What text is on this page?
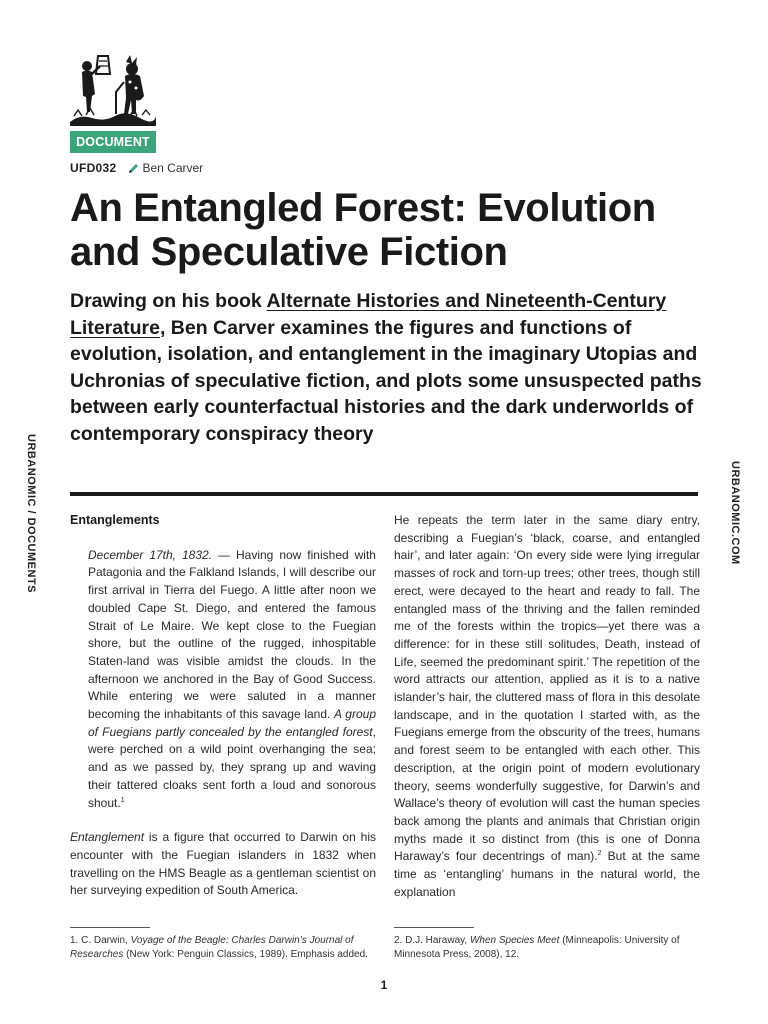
DOCUMENT
UFD032 Ben Carver
An Entangled Forest: Evolution and Speculative Fiction

Drawing on his book Alternate Histories and Nineteenth-Century Literature, Ben Carver examines the figures and functions of evolution, isolation, and entanglement in the imaginary Utopias and Uchronias of speculative fiction, and plots some unsuspected paths between early counterfactual histories and the dark underworlds of contemporary conspiracy theory

URBANOMIC / DOCUMENTS	URBANOMIC.COM

Entanglements

December 17th, 1832. — Having now finished with Patagonia and the Falkland Islands, I will describe our first arrival in Tierra del Fuego. A little after noon we doubled Cape St. Diego, and entered the famous Strait of Le Maire. We kept close to the Fuegian shore, but the outline of the rugged, inhospitable Staten-land was visible amidst the clouds. In the afternoon we anchored in the Bay of Good Success. While entering we were saluted in a manner becoming the inhabitants of this savage land. A group of Fuegians partly concealed by the entangled forest, were perched on a wild point overhanging the sea; and as we passed by, they sprang up and waving their tattered cloaks sent forth a loud and sonorous shout.$^1$

Entanglement is a figure that occurred to Darwin on his encounter with the Fuegian islanders in 1832 when travelling on the HMS Beagle as a gentleman scientist on her surveying expedition of South America.

He repeats the term later in the same diary entry, describing a Fuegian’s ‘black, coarse, and entangled hair’, and later again: ‘On every side were lying irregular masses of rock and torn-up trees; other trees, though still erect, were decayed to the heart and ready to fall. The entangled mass of the thriving and the fallen reminded me of the forests within the tropics—yet there was a difference: for in these still solitudes, Death, instead of Life, seemed the predominant spirit.’ The repetition of the word attracts our attention, applied as it is to a native islander’s hair, the cluttered mass of flora in this desolate landscape, and in the quotation I started with, as the Fuegians emerge from the obscurity of the trees, humans and forest seem to be entangled with each other. This description, at the origin point of modern evolutionary theory, seems wonderfully suggestive, for Darwin’s and Wallace’s theory of evolution will cast the human species back among the plants and animals that Christian origin myths made it so distinct from (this is one of Donna Haraway’s four decentrings of man).$^2$ But at the same time as ‘entangling’ humans in the natural world, the explanation

1. C. Darwin, Voyage of the Beagle: Charles Darwin’s Journal of Researches (New York: Penguin Classics, 1989). Emphasis added.
2. D.J. Haraway, When Species Meet (Minneapolis: University of Minnesota Press, 2008), 12.
1
